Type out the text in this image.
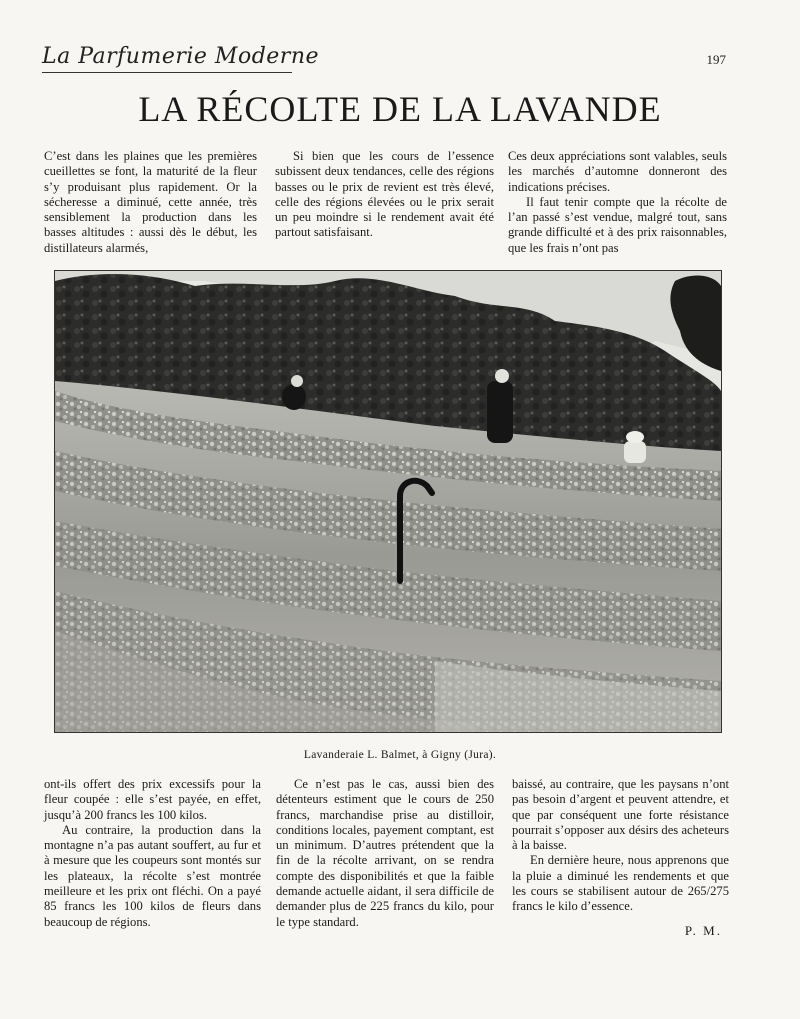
La Parfumerie Moderne	197
LA RÉCOLTE DE LA LAVANDE

C’est dans les plaines que les premières cueillettes se font, la maturité de la fleur s’y produisant plus rapidement. Or la sécheresse a diminué, cette année, très sensiblement la production dans les basses altitudes : aussi dès le début, les distillateurs alarmés,

Si bien que les cours de l’essence subissent deux tendances, celle des régions basses ou le prix de revient est très élevé, celle des régions élevées ou le prix serait un peu moindre si le rendement avait été partout satisfaisant.

Ces deux appréciations sont valables, seuls les marchés d’automne donneront des indications précises.

Il faut tenir compte que la récolte de l’an passé s’est vendue, malgré tout, sans grande difficulté et à des prix raisonnables, que les frais n’ont pas

Lavanderaie L. Balmet, à Gigny (Jura).

ont-ils offert des prix excessifs pour la fleur coupée : elle s’est payée, en effet, jusqu’à 200 francs les 100 kilos.

Au contraire, la production dans la montagne n’a pas autant souffert, au fur et à mesure que les coupeurs sont montés sur les plateaux, la récolte s’est montrée meilleure et les prix ont fléchi. On a payé 85 francs les 100 kilos de fleurs dans beaucoup de régions.

Ce n’est pas le cas, aussi bien des détenteurs estiment que le cours de 250 francs, marchandise prise au distilloir, conditions locales, payement comptant, est un minimum. D’autres prétendent que la fin de la récolte arrivant, on se rendra compte des disponibilités et que la faible demande actuelle aidant, il sera difficile de demander plus de 225 francs du kilo, pour le type standard.

baissé, au contraire, que les paysans n’ont pas besoin d’argent et peuvent attendre, et que par conséquent une forte résistance pourrait s’opposer aux désirs des acheteurs à la baisse.

En dernière heure, nous apprenons que la pluie a diminué les rendements et que les cours se stabilisent autour de 265/275 francs le kilo d’essence.

P. M.
